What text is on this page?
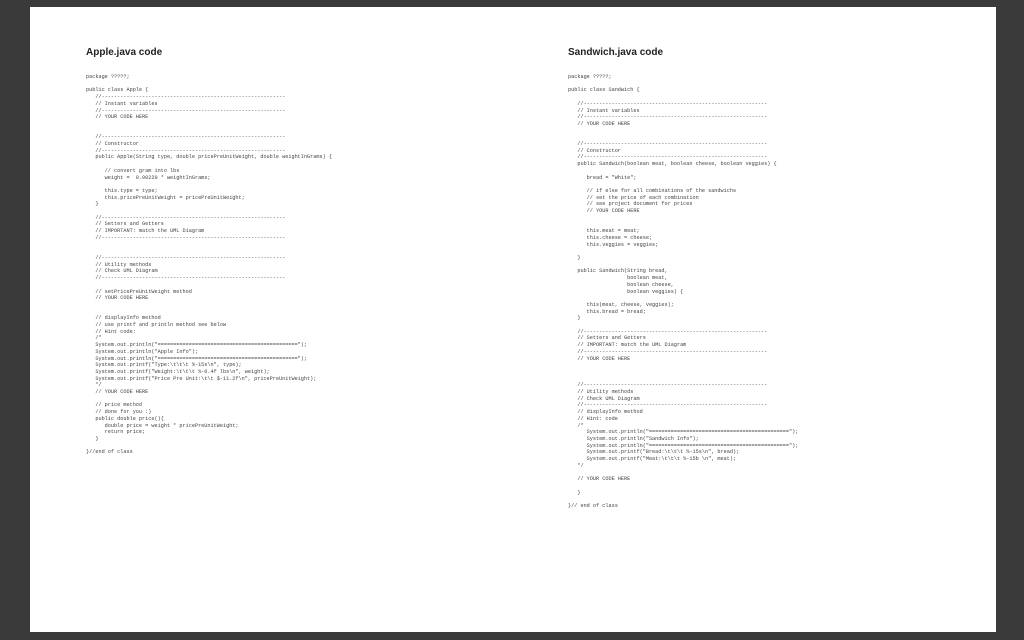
Apple.java code
package ?????;

public class Apple {
//-----------------------------------------------------------
// Instant variables
//-----------------------------------------------------------
// YOUR CODE HERE

//-----------------------------------------------------------
// Constructor
//-----------------------------------------------------------
public Apple(String type, double pricePreUnitWeight, double weightInGrams) {

// convert gram into lbs
weight =  0.00220 * weightInGrams;

this.type = type;
this.pricePreUnitWeight = pricePreUnitWeight;
}

//-----------------------------------------------------------
// Setters and Getters
// IMPORTANT: match the UML Diagram
//-----------------------------------------------------------

//-----------------------------------------------------------
// Utility methods
// Check UML Diagram
//-----------------------------------------------------------

// setPricePreUnitWeight method
// YOUR CODE HERE

// displayInfo method
// use printf and println method see below
// Hint code:
/*
System.out.println("=============================================");
System.out.println("Apple Info");
System.out.println("=============================================");
System.out.printf("Type:\t\t\t %-15s\n", type);
System.out.printf("Weight:\t\t\t %-6.4f lbs\n", weight);
System.out.printf("Price Pre Unit:\t\t $-11.2f\n", pricePreUnitWeight);
*/
// YOUR CODE HERE

// price method
// done for you :)
public double price(){
double price = weight * pricePreUnitWeight;
return price;
}

}//end of class
Sandwich.java code
package ?????;

public class Sandwich {

//-----------------------------------------------------------
// Instant variables
//-----------------------------------------------------------
// YOUR CODE HERE

//-----------------------------------------------------------
// Constructor
//-----------------------------------------------------------
public Sandwich(boolean meat, boolean cheese, boolean veggies) {

bread = "White";

// if else for all combinations of the sandwichs
// set the price of each combination
// see project document for prices
// YOUR CODE HERE

this.meat = meat;
this.cheese = cheese;
this.veggies = veggies;

}

public Sandwich(String bread,
boolean meat,
boolean cheese,
boolean veggies) {

this(meat, cheese, veggies);
this.bread = bread;
}

//-----------------------------------------------------------
// Setters and Getters
// IMPORTANT: match the UML Diagram
//-----------------------------------------------------------
// YOUR CODE HERE

//-----------------------------------------------------------
// Utility methods
// Check UML Diagram
//-----------------------------------------------------------
// displayInfo method
// Hint: code
/*
System.out.println("=============================================");
System.out.println("Sandwich Info");
System.out.println("=============================================");
System.out.printf("Bread:\t\t\t %-15s\n", bread);
System.out.printf("Meat:\t\t\t %-15b \n", meat);
*/

// YOUR CODE HERE

}

}// end of class
